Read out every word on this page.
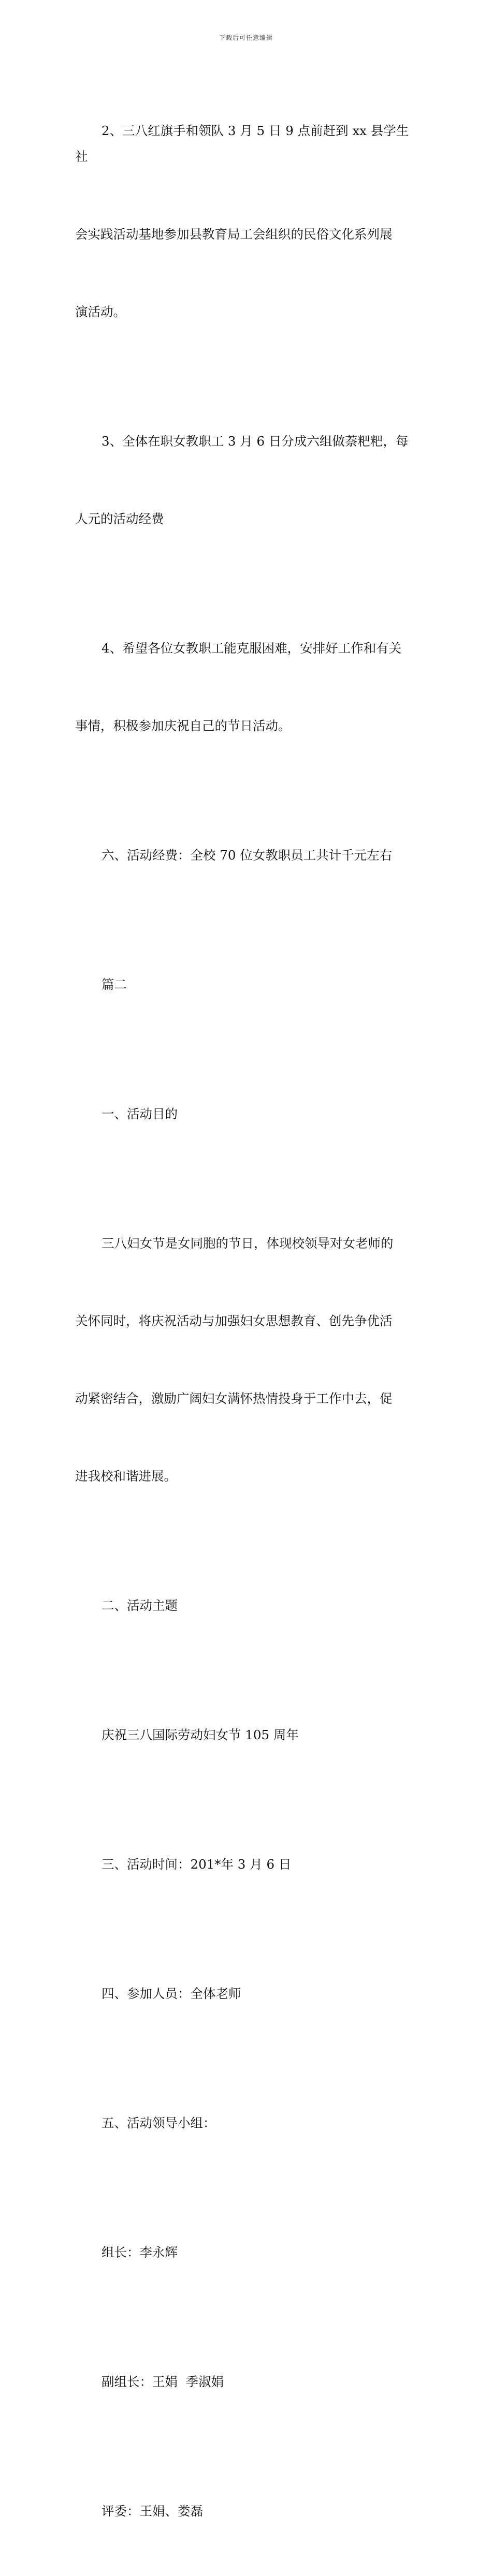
下载后可任意编辑

2、三八红旗手和领队 3 月 5 日 9 点前赶到 xx 县学生社

会实践活动基地参加县教育局工会组织的民俗文化系列展

演活动。

3、全体在职女教职工 3 月 6 日分成六组做萘粑粑，每

人元的活动经费

4、希望各位女教职工能克服困难，安排好工作和有关

事情，积极参加庆祝自己的节日活动。

六、活动经费：全校 70 位女教职员工共计千元左右

篇二

一、活动目的

三八妇女节是女同胞的节日，体现校领导对女老师的

关怀同时，将庆祝活动与加强妇女思想教育、创先争优活

动紧密结合，激励广阔妇女满怀热情投身于工作中去，促

进我校和谐进展。

二、活动主题

庆祝三八国际劳动妇女节 105 周年

三、活动时间：201*年 3 月 6 日

四、参加人员：全体老师

五、活动领导小组：

组长：李永辉

副组长：王娟  季淑娟

评委：王娟、娄磊
